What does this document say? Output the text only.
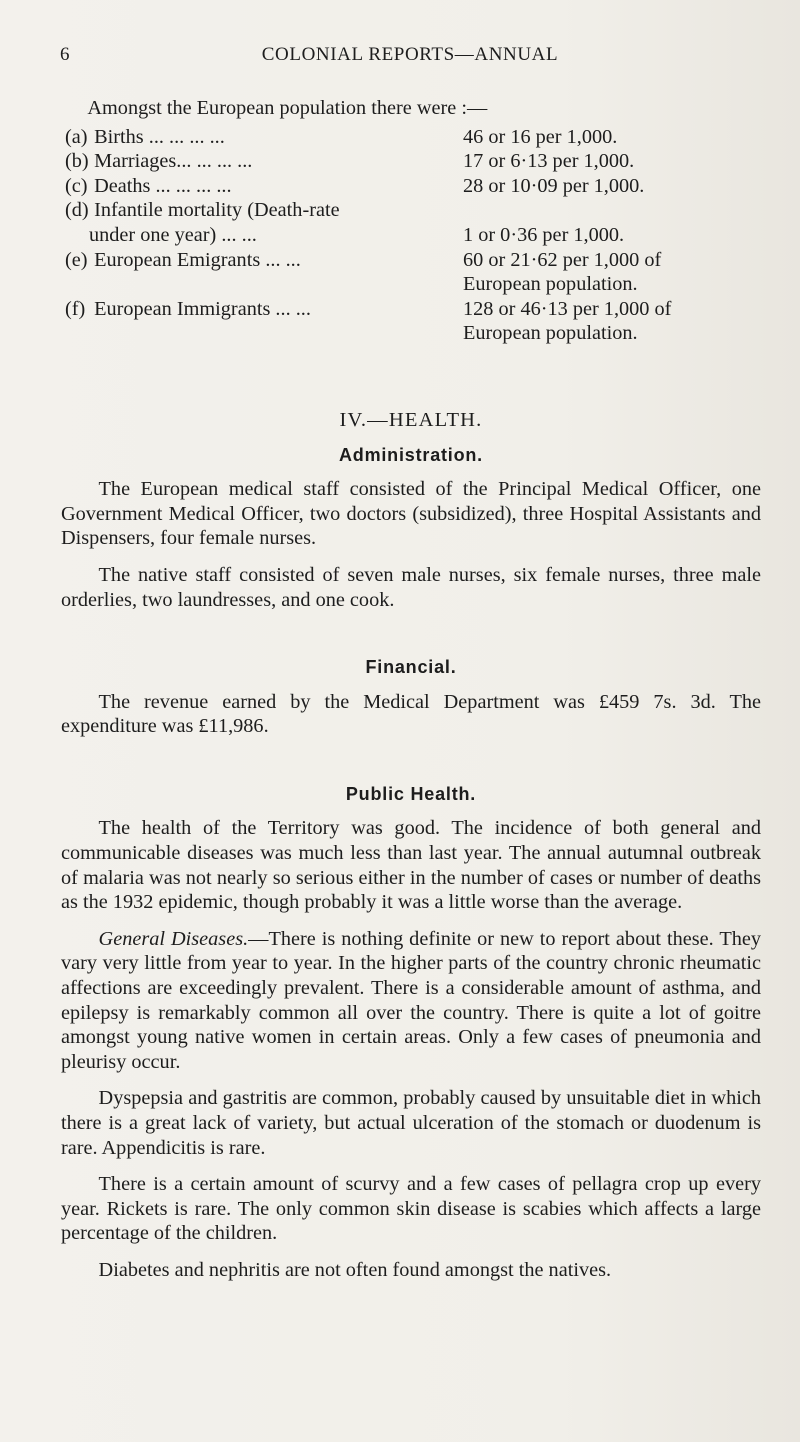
6	COLONIAL REPORTS—ANNUAL

Amongst the European population there were :—

(a) Births ... ... ... ...	46 or 16 per 1,000.
(b) Marriages... ... ... ...	17 or 6·13 per 1,000.
(c) Deaths ... ... ... ...	28 or 10·09 per 1,000.
(d) Infantile mortality (Death-rate
under one year) ... ...	1 or 0·36 per 1,000.
(e) European Emigrants ... ...	60 or 21·62 per 1,000 of
European population.
(f) European Immigrants ... ...	128 or 46·13 per 1,000 of
European population.
IV.—HEALTH.
Administration.

The European medical staff consisted of the Principal Medical Officer, one Government Medical Officer, two doctors (subsidized), three Hospital Assistants and Dispensers, four female nurses.

The native staff consisted of seven male nurses, six female nurses, three male orderlies, two laundresses, and one cook.

Financial.

The revenue earned by the Medical Department was £459 7s. 3d. The expenditure was £11,986.

Public Health.

The health of the Territory was good. The incidence of both general and communicable diseases was much less than last year. The annual autumnal outbreak of malaria was not nearly so serious either in the number of cases or number of deaths as the 1932 epidemic, though probably it was a little worse than the average.

General Diseases.—There is nothing definite or new to report about these. They vary very little from year to year. In the higher parts of the country chronic rheumatic affections are exceedingly prevalent. There is a considerable amount of asthma, and epilepsy is remarkably common all over the country. There is quite a lot of goitre amongst young native women in certain areas. Only a few cases of pneumonia and pleurisy occur.

Dyspepsia and gastritis are common, probably caused by unsuitable diet in which there is a great lack of variety, but actual ulceration of the stomach or duodenum is rare. Appendicitis is rare.

There is a certain amount of scurvy and a few cases of pellagra crop up every year. Rickets is rare. The only common skin disease is scabies which affects a large percentage of the children.

Diabetes and nephritis are not often found amongst the natives.
